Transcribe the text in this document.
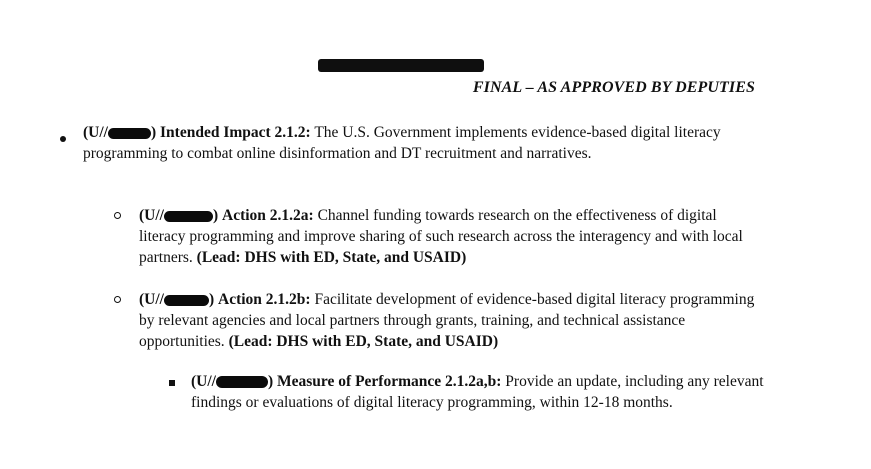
FINAL – AS APPROVED BY DEPUTIES
(U//	) Intended Impact 2.1.2: The U.S. Government implements evidence-based digital literacy programming to combat online disinformation and DT recruitment and narratives.
(U//	) Action 2.1.2a: Channel funding towards research on the effectiveness of digital literacy programming and improve sharing of such research across the interagency and with local partners. (Lead: DHS with ED, State, and USAID)
(U//	) Action 2.1.2b: Facilitate development of evidence-based digital literacy programming by relevant agencies and local partners through grants, training, and technical assistance opportunities. (Lead: DHS with ED, State, and USAID)
(U//	) Measure of Performance 2.1.2a,b: Provide an update, including any relevant findings or evaluations of digital literacy programming, within 12-18 months.
